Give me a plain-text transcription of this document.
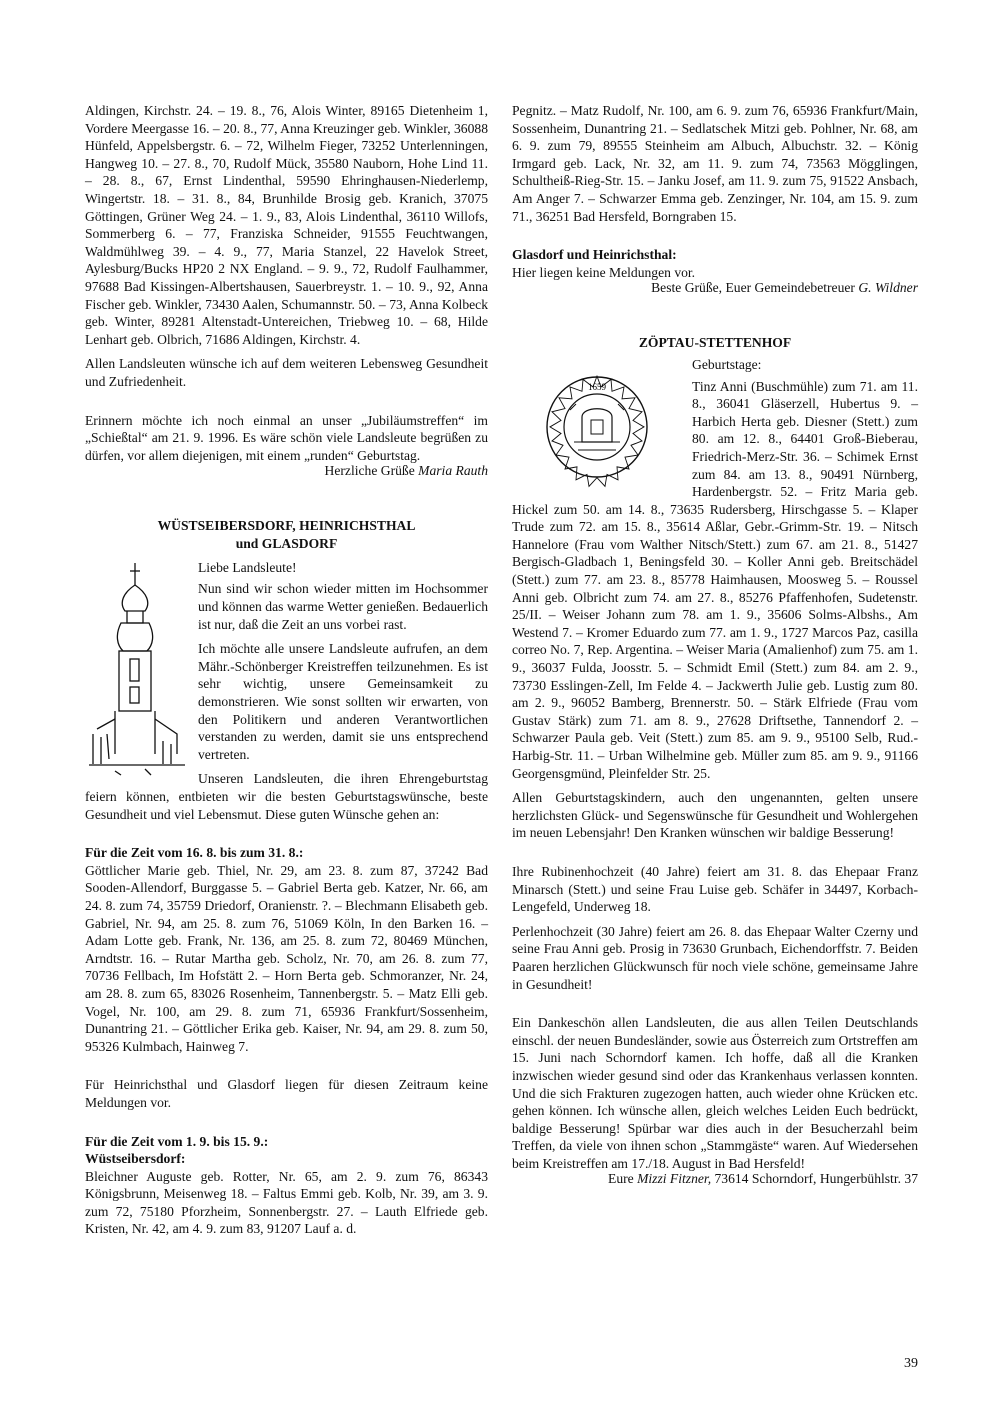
Aldingen, Kirchstr. 24. – 19. 8., 76, Alois Winter, 89165 Dietenheim 1, Vordere Meergasse 16. – 20. 8., 77, Anna Kreuzinger geb. Winkler, 36088 Hünfeld, Appelsbergstr. 6. – 72, Wilhelm Fieger, 73252 Unterlenningen, Hangweg 10. – 27. 8., 70, Rudolf Mück, 35580 Nauborn, Hohe Lind 11. – 28. 8., 67, Ernst Lindenthal, 59590 Ehringhausen-Niederlemp, Wingertstr. 18. – 31. 8., 84, Brunhilde Brosig geb. Kranich, 37075 Göttingen, Grüner Weg 24. – 1. 9., 83, Alois Lindenthal, 36110 Willofs, Sommerberg 6. – 77, Franziska Schneider, 91555 Feuchtwangen, Waldmühlweg 39. – 4. 9., 77, Maria Stanzel, 22 Havelok Street, Aylesburg/Bucks HP20 2 NX England. – 9. 9., 72, Rudolf Faulhammer, 97688 Bad Kissingen-Albertshausen, Sauerbreystr. 1. – 10. 9., 92, Anna Fischer geb. Winkler, 73430 Aalen, Schumannstr. 50. – 73, Anna Kolbeck geb. Winter, 89281 Altenstadt-Untereichen, Triebweg 10. – 68, Hilde Lenhart geb. Olbrich, 71686 Aldingen, Kirchstr. 4.

Allen Landsleuten wünsche ich auf dem weiteren Lebensweg Gesundheit und Zufriedenheit.

Erinnern möchte ich noch einmal an unser „Jubiläumstreffen“ im „Schießtal“ am 21. 9. 1996. Es wäre schön viele Landsleute begrüßen zu dürfen, vor allem diejenigen, mit einem „runden“ Geburtstag.

Herzliche Grüße Maria Rauth

WÜSTSEIBERSDORF, HEINRICHSTHAL

und GLASDORF

Liebe Landsleute!

Nun sind wir schon wieder mitten im Hochsommer und können das warme Wetter genießen. Bedauerlich ist nur, daß die Zeit an uns vorbei rast.

Ich möchte alle unsere Landsleute aufrufen, an dem Mähr.-Schönberger Kreistreffen teilzunehmen. Es ist sehr wichtig, unsere Gemeinsamkeit zu demonstrieren. Wie sonst sollten wir erwarten, von den Politikern und anderen Verantwortlichen verstanden zu werden, damit sie uns entsprechend vertreten.

Unseren Landsleuten, die ihren Ehrengeburtstag feiern können, entbieten wir die besten Geburtstagswünsche, beste Gesundheit und viel Lebensmut. Diese guten Wünsche gehen an:

Für die Zeit vom 16. 8. bis zum 31. 8.:

Göttlicher Marie geb. Thiel, Nr. 29, am 23. 8. zum 87, 37242 Bad Sooden-Allendorf, Burggasse 5. – Gabriel Berta geb. Katzer, Nr. 66, am 24. 8. zum 74, 35759 Driedorf, Oranienstr. ?. – Blechmann Elisabeth geb. Gabriel, Nr. 94, am 25. 8. zum 76, 51069 Köln, In den Barken 16. – Adam Lotte geb. Frank, Nr. 136, am 25. 8. zum 72, 80469 München, Arndtstr. 16. – Rutar Martha geb. Scholz, Nr. 70, am 26. 8. zum 77, 70736 Fellbach, Im Hofstätt 2. – Horn Berta geb. Schmoranzer, Nr. 24, am 28. 8. zum 65, 83026 Rosenheim, Tannenbergstr. 5. – Matz Elli geb. Vogel, Nr. 100, am 29. 8. zum 71, 65936 Frankfurt/Sossenheim, Dunantring 21. – Göttlicher Erika geb. Kaiser, Nr. 94, am 29. 8. zum 50, 95326 Kulmbach, Hainweg 7.

Für Heinrichsthal und Glasdorf liegen für diesen Zeitraum keine Meldungen vor.

Für die Zeit vom 1. 9. bis 15. 9.:

Wüstseibersdorf:

Bleichner Auguste geb. Rotter, Nr. 65, am 2. 9. zum 76, 86343 Königsbrunn, Meisenweg 18. – Faltus Emmi geb. Kolb, Nr. 39, am 3. 9. zum 72, 75180 Pforzheim, Sonnenbergstr. 27. – Lauth Elfriede geb. Kristen, Nr. 42, am 4. 9. zum 83, 91207 Lauf a. d.

Pegnitz. – Matz Rudolf, Nr. 100, am 6. 9. zum 76, 65936 Frankfurt/Main, Sossenheim, Dunantring 21. – Sedlatschek Mitzi geb. Pohlner, Nr. 68, am 6. 9. zum 79, 89555 Steinheim am Albuch, Albuchstr. 32. – König Irmgard geb. Lack, Nr. 32, am 11. 9. zum 74, 73563 Mögglingen, Schultheiß-Rieg-Str. 15. – Janku Josef, am 11. 9. zum 75, 91522 Ansbach, Am Anger 7. – Schwarzer Emma geb. Zenzinger, Nr. 104, am 15. 9. zum 71., 36251 Bad Hersfeld, Borngraben 15.

Glasdorf und Heinrichsthal:

Hier liegen keine Meldungen vor.

Beste Grüße, Euer Gemeindebetreuer G. Wildner

ZÖPTAU-STETTENHOF

1659

Geburtstage:

Tinz Anni (Buschmühle) zum 71. am 11. 8., 36041 Gläserzell, Hubertus 9. – Harbich Herta geb. Diesner (Stett.) zum 80. am 12. 8., 64401 Groß-Bieberau, Friedrich-Merz-Str. 36. – Schimek Ernst zum 84. am 13. 8., 90491 Nürnberg, Hardenbergstr. 52. – Fritz Maria geb. Hickel zum 50. am 14. 8., 73635 Rudersberg, Hirschgasse 5. – Klaper Trude zum 72. am 15. 8., 35614 Aßlar, Gebr.-Grimm-Str. 19. – Nitsch Hannelore (Frau vom Walther Nitsch/Stett.) zum 67. am 21. 8., 51427 Bergisch-Gladbach 1, Beningsfeld 30. – Koller Anni geb. Breitschädel (Stett.) zum 77. am 23. 8., 85778 Haimhausen, Moosweg 5. – Roussel Anni geb. Olbricht zum 74. am 27. 8., 85276 Pfaffenhofen, Sudetenstr. 25/II. – Weiser Johann zum 78. am 1. 9., 35606 Solms-Albshs., Am Westend 7. – Kromer Eduardo zum 77. am 1. 9., 1727 Marcos Paz, casilla correo No. 7, Rep. Argentina. – Weiser Maria (Amalienhof) zum 75. am 1. 9., 36037 Fulda, Joosstr. 5. – Schmidt Emil (Stett.) zum 84. am 2. 9., 73730 Esslingen-Zell, Im Felde 4. – Jackwerth Julie geb. Lustig zum 80. am 2. 9., 96052 Bamberg, Brennerstr. 50. – Stärk Elfriede (Frau vom Gustav Stärk) zum 71. am 8. 9., 27628 Driftsethe, Tannendorf 2. – Schwarzer Paula geb. Veit (Stett.) zum 85. am 9. 9., 95100 Selb, Rud.-Harbig-Str. 11. – Urban Wilhelmine geb. Müller zum 85. am 9. 9., 91166 Georgensgmünd, Pleinfelder Str. 25.

Allen Geburtstagskindern, auch den ungenannten, gelten unsere herzlichsten Glück- und Segenswünsche für Gesundheit und Wohlergehen im neuen Lebensjahr! Den Kranken wünschen wir baldige Besserung!

Ihre Rubinenhochzeit (40 Jahre) feiert am 31. 8. das Ehepaar Franz Minarsch (Stett.) und seine Frau Luise geb. Schäfer in 34497, Korbach-Lengefeld, Underweg 18.

Perlenhochzeit (30 Jahre) feiert am 26. 8. das Ehepaar Walter Czerny und seine Frau Anni geb. Prosig in 73630 Grunbach, Eichendorffstr. 7. Beiden Paaren herzlichen Glückwunsch für noch viele schöne, gemeinsame Jahre in Gesundheit!

Ein Dankeschön allen Landsleuten, die aus allen Teilen Deutschlands einschl. der neuen Bundesländer, sowie aus Österreich zum Ortstreffen am 15. Juni nach Schorndorf kamen. Ich hoffe, daß all die Kranken inzwischen wieder gesund sind oder das Krankenhaus verlassen konnten. Und die sich Frakturen zugezogen hatten, auch wieder ohne Krücken etc. gehen können. Ich wünsche allen, gleich welches Leiden Euch bedrückt, baldige Besserung! Spürbar war dies auch in der Besucherzahl beim Treffen, da viele von ihnen schon „Stammgäste“ waren. Auf Wiedersehen beim Kreistreffen am 17./18. August in Bad Hersfeld!

Eure Mizzi Fitzner, 73614 Schorndorf, Hungerbühlstr. 37

39
